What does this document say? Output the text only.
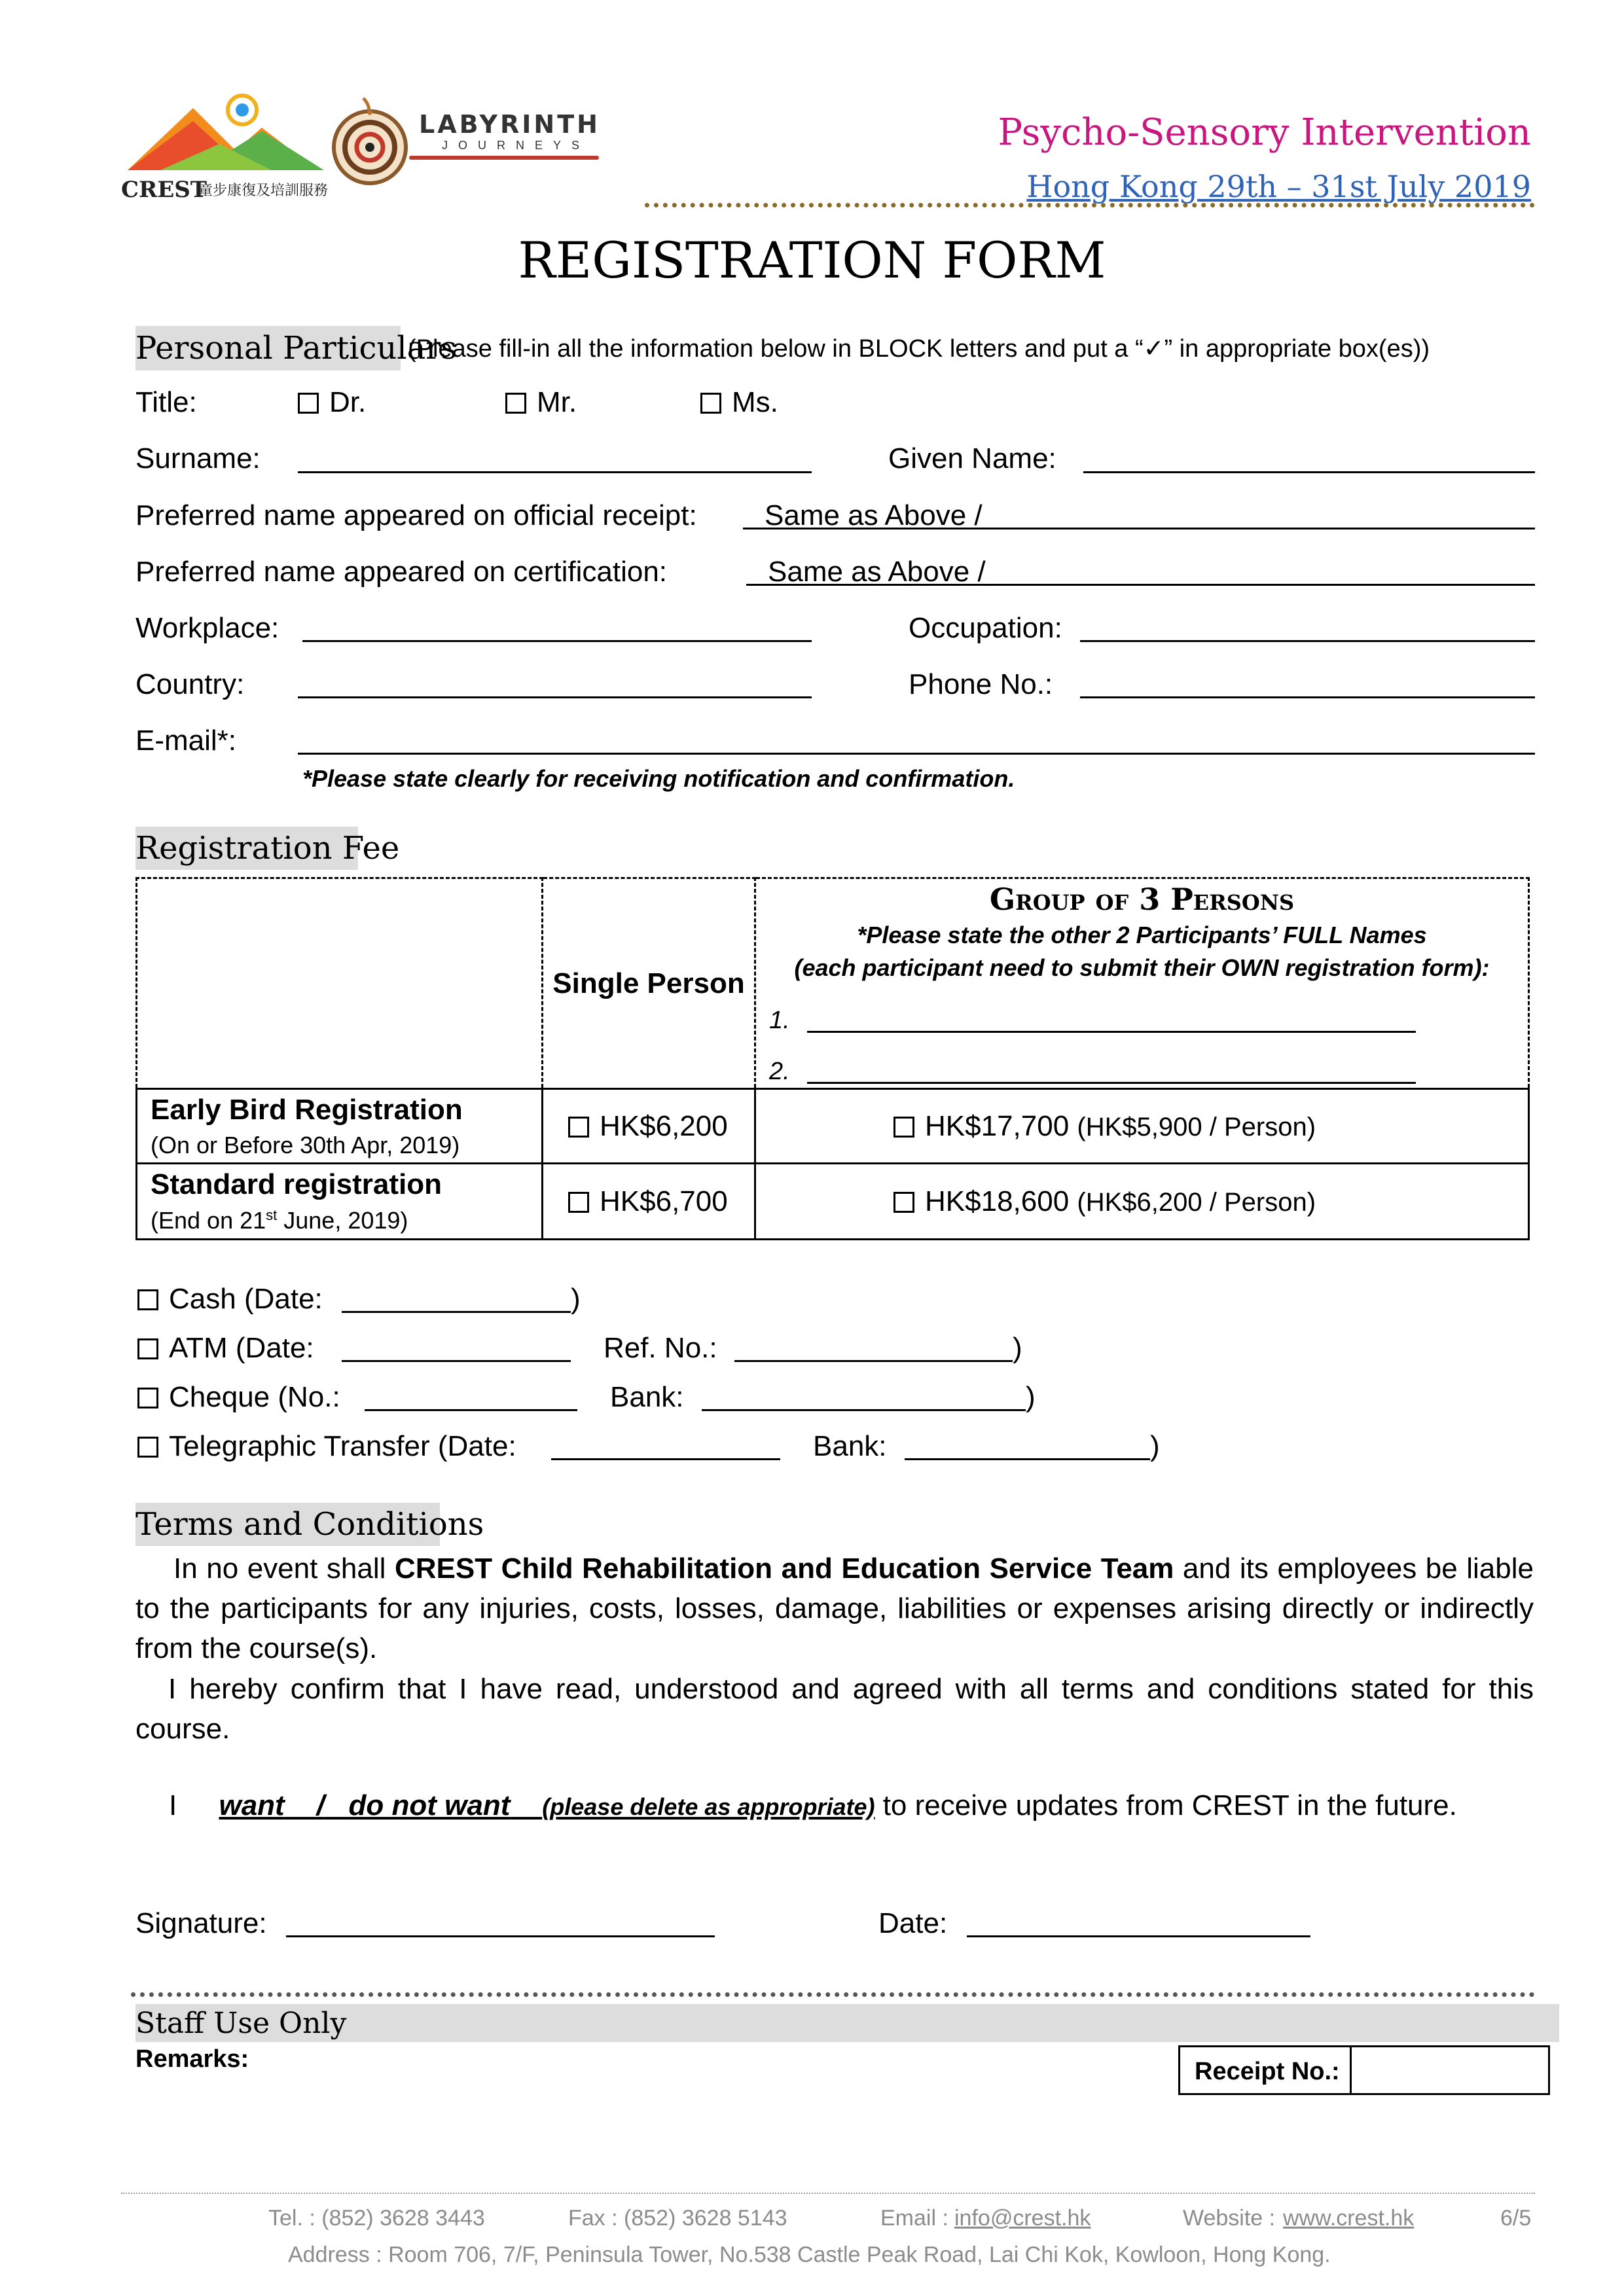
CREST
童步康復及培訓服務
LABYRINTH
JOURNEYS	Psycho-Sensory Intervention
Hong Kong 29th – 31st July 2019
REGISTRATION FORM
Personal Particulars
(Please fill-in all the information below in BLOCK letters and put a “✓” in appropriate box(es))
Title:	Dr.	Mr.	Ms.
Surname:	Given Name:
Preferred name appeared on official receipt: Same as Above /
Preferred name appeared on certification:	Same as Above /
Workplace:	Occupation:
Country:	Phone No.:
E-mail*:
*Please state clearly for receiving notification and confirmation.
Registration Fee
	Single Person	Group of 3 Persons
*Please state the other 2 Participants’ FULL Names
(each participant need to submit their OWN registration form):
1.
2.

Early Bird Registration
(On or Before 30th Apr, 2019)	HK$6,200	HK$17,700 (HK$5,900 / Person)

Standard registration
(End on 21st June, 2019)	HK$6,700	HK$18,600 (HK$6,200 / Person)
Cash (Date:	)
ATM (Date:	Ref. No.:	)
Cheque (No.:	Bank:	)
Telegraphic Transfer (Date:	Bank:	)
Terms and Conditions
In no event shall CREST Child Rehabilitation and Education Service Team and its employees be liable to the participants for any injuries, costs, losses, damage, liabilities or expenses arising directly or indirectly from the course(s).
I hereby confirm that I have read, understood and agreed with all terms and conditions stated for this course.
I want / do not want (please delete as appropriate) to receive updates from CREST in the future.
Signature:	Date:
Staff Use Only
Remarks:	Receipt No.:
Tel. : (852) 3628 3443	Fax : (852) 3628 5143	Email : info@crest.hk	Website : www.crest.hk	6/5
Address : Room 706, 7/F, Peninsula Tower, No.538 Castle Peak Road, Lai Chi Kok, Kowloon, Hong Kong.
